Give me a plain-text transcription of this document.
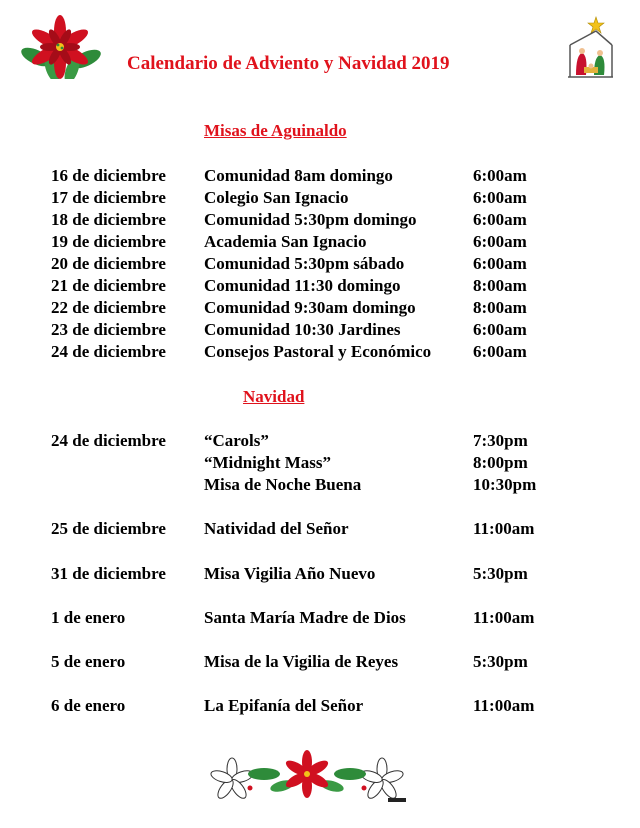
Calendario de Adviento y Navidad 2019
Misas de Aguinaldo
16 de diciembre Comunidad 8am domingo	6:00am
17 de diciembre Colegio San Ignacio	6:00am
18 de diciembre Comunidad 5:30pm domingo	6:00am
19 de diciembre Academia San Ignacio	6:00am
20 de diciembre Comunidad 5:30pm sábado	6:00am
21 de diciembre Comunidad 11:30 domingo	8:00am
22 de diciembre Comunidad 9:30am domingo	8:00am
23 de diciembre Comunidad 10:30 Jardines	6:00am
24 de diciembre Consejos Pastoral y Económico 6:00am
Navidad
24 de diciembre “Carols”	7:30pm
“Midnight Mass”	8:00pm
Misa de Noche Buena	10:30pm
25 de diciembre Natividad del Señor	11:00am
31 de diciembre Misa Vigilia Año Nuevo	5:30pm
1 de enero	Santa María Madre de Dios	11:00am
5 de enero	Misa de la Vigilia de Reyes	5:30pm
6 de enero	La Epifanía del Señor	11:00am
